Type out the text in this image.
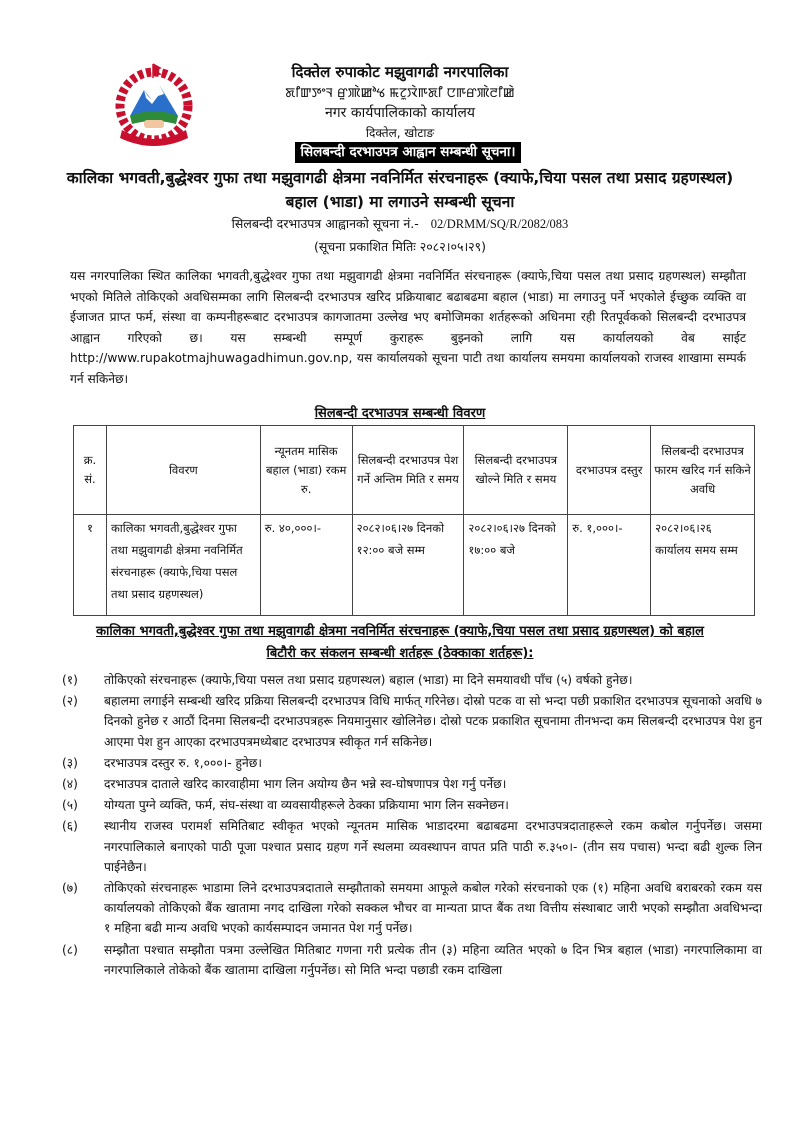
दिक्तेल रुपाकोट मझुवागढी नगरपालिका
ꯗꯤꯛꯇꯦꯜ ꯔꯨꯄꯥꯀꯣꯠ ꯃꯖꯨꯋꯥꯒꯗꯤ ꯅꯒꯔꯄꯥꯂꯤꯀꯥ
नगर कार्यपालिकाको कार्यालय
दिक्तेल, खोटाङ
सिलबन्दी दरभाउपत्र आह्वान सम्बन्धी सूचना।
कालिका भगवती,बुद्धेश्वर गुफा तथा मझुवागढी क्षेत्रमा नवनिर्मित संरचनाहरू (क्याफे,चिया पसल तथा प्रसाद ग्रहणस्थल)
बहाल (भाडा) मा लगाउने सम्बन्धी सूचना
सिलबन्दी दरभाउपत्र आह्वानको सूचना नं.- 02/DRMM/SQ/R/2082/083
(सूचना प्रकाशित मितिः २०८२।०५।२९)
यस नगरपालिका स्थित कालिका भगवती,बुद्धेश्वर गुफा तथा मझुवागढी क्षेत्रमा नवनिर्मित संरचनाहरू (क्याफे,चिया पसल तथा प्रसाद ग्रहणस्थल) सम्झौता भएको मितिले तोकिएको अवधिसम्मका लागि सिलबन्दी दरभाउपत्र खरिद प्रक्रियाबाट बढाबढमा बहाल (भाडा) मा लगाउनु पर्ने भएकोले ईच्छुक व्यक्ति वा ईजाजत प्राप्त फर्म, संस्था वा कम्पनीहरूबाट दरभाउपत्र कागजातमा उल्लेख भए बमोजिमका शर्तहरूको अधिनमा रही रितपूर्वकको सिलबन्दी दरभाउपत्र आह्वान गरिएको छ। यस सम्बन्धी सम्पूर्ण कुराहरू बुझ्नको लागि यस कार्यालयको वेब साईट http://www.rupakotmajhuwagadhimun.gov.np, यस कार्यालयको सूचना पाटी तथा कार्यालय समयमा कार्यालयको राजस्व शाखामा सम्पर्क गर्न सकिनेछ।
सिलबन्दी दरभाउपत्र सम्बन्धी विवरण
क्र. सं.	विवरण	न्यूनतम मासिक बहाल (भाडा) रकम रु.	सिलबन्दी दरभाउपत्र पेश गर्ने अन्तिम मिति र समय	सिलबन्दी दरभाउपत्र खोल्ने मिति र समय	दरभाउपत्र दस्तुर	सिलबन्दी दरभाउपत्र फारम खरिद गर्न सकिने अवधि
१	कालिका भगवती,बुद्धेश्वर गुफा तथा मझुवागढी क्षेत्रमा नवनिर्मित संरचनाहरू (क्याफे,चिया पसल तथा प्रसाद ग्रहणस्थल)	रु. ४०,०००।-	२०८२।०६।२७ दिनको १२:०० बजे सम्म	२०८२।०६।२७ दिनको १७:०० बजे	रु. १,०००।-	२०८२।०६।२६ कार्यालय समय सम्म
कालिका भगवती,बुद्धेश्वर गुफा तथा मझुवागढी क्षेत्रमा नवनिर्मित संरचनाहरू (क्याफे,चिया पसल तथा प्रसाद ग्रहणस्थल) को बहाल
बिटौरी कर संकलन सम्बन्धी शर्तहरू (ठेक्काका शर्तहरू):
(१)	तोकिएको संरचनाहरू (क्याफे,चिया पसल तथा प्रसाद ग्रहणस्थल) बहाल (भाडा) मा दिने समयावधी पाँच (५) वर्षको हुनेछ।
(२)	बहालमा लगाईने सम्बन्धी खरिद प्रक्रिया सिलबन्दी दरभाउपत्र विधि मार्फत् गरिनेछ। दोस्रो पटक वा सो भन्दा पछी प्रकाशित दरभाउपत्र सूचनाको अवधि ७ दिनको हुनेछ र आठौं दिनमा सिलबन्दी दरभाउपत्रहरू नियमानुसार खोलिनेछ। दोस्रो पटक प्रकाशित सूचनामा तीनभन्दा कम सिलबन्दी दरभाउपत्र पेश हुन आएमा पेश हुन आएका दरभाउपत्रमध्येबाट दरभाउपत्र स्वीकृत गर्न सकिनेछ।
(३)	दरभाउपत्र दस्तुर रु. १,०००।- हुनेछ।
(४)	दरभाउपत्र दाताले खरिद कारवाहीमा भाग लिन अयोग्य छैन भन्ने स्व-घोषणापत्र पेश गर्नु पर्नेछ।
(५)	योग्यता पुग्ने व्यक्ति, फर्म, संघ-संस्था वा व्यवसायीहरूले ठेक्का प्रक्रियामा भाग लिन सक्नेछन।
(६)	स्थानीय राजस्व परामर्श समितिबाट स्वीकृत भएको न्यूनतम मासिक भाडादरमा बढाबढमा दरभाउपत्रदाताहरूले रकम कबोल गर्नुपर्नेछ। जसमा नगरपालिकाले बनाएको पाठी पूजा पश्चात प्रसाद ग्रहण गर्ने स्थलमा व्यवस्थापन वापत प्रति पाठी रु.३५०।- (तीन सय पचास) भन्दा बढी शुल्क लिन पाईनेछैन।
(७)	तोकिएको संरचनाहरू भाडामा लिने दरभाउपत्रदाताले सम्झौताको समयमा आफूले कबोल गरेको संरचनाको एक (१) महिना अवधि बराबरको रकम यस कार्यालयको तोकिएको बैंक खातामा नगद दाखिला गरेको सक्कल भौचर वा मान्यता प्राप्त बैंक तथा वित्तीय संस्थाबाट जारी भएको सम्झौता अवधिभन्दा १ महिना बढी मान्य अवधि भएको कार्यसम्पादन जमानत पेश गर्नु पर्नेछ।
(८)	सम्झौता पश्चात सम्झौता पत्रमा उल्लेखित मितिबाट गणना गरी प्रत्येक तीन (३) महिना व्यतित भएको ७ दिन भित्र बहाल (भाडा) नगरपालिकामा वा नगरपालिकाले तोकेको बैंक खातामा दाखिला गर्नुपर्नेछ। सो मिति भन्दा पछाडी रकम दाखिला
